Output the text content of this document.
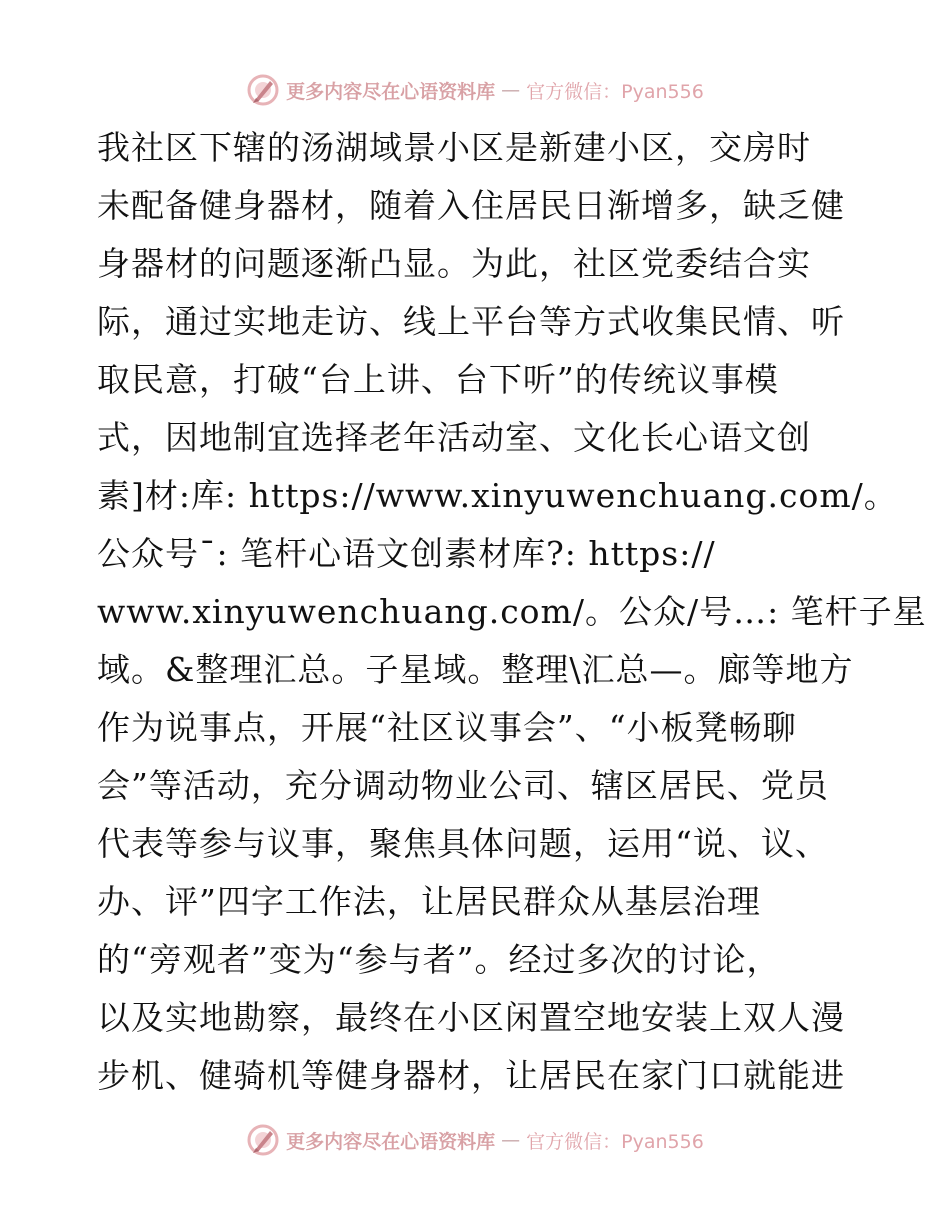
更多内容尽在心语资料库 — 官方微信：Pyan556
我社区下辖的汤湖域景小区是新建小区，交房时
未配备健身器材，随着入住居民日渐增多，缺乏健
身器材的问题逐渐凸显。为此，社区党委结合实
际，通过实地走访、线上平台等方式收集民情、听
取民意，打破“台上讲、台下听”的传统议事模
式，因地制宜选择老年活动室、文化长心语文创
素]材:库: https://www.xinyuwenchuang.com/。
公众号¯: 笔杆心语文创素材库?: https://
www.xinyuwenchuang.com/。公众/号…: 笔杆子星
域。&整理汇总。子星域。整理\汇总—。廊等地方
作为说事点，开展“社区议事会”、“小板凳畅聊
会”等活动，充分调动物业公司、辖区居民、党员
代表等参与议事，聚焦具体问题，运用“说、议、
办、评”四字工作法，让居民群众从基层治理
的“旁观者”变为“参与者”。经过多次的讨论，
以及实地勘察，最终在小区闲置空地安装上双人漫
步机、健骑机等健身器材，让居民在家门口就能进
更多内容尽在心语资料库 — 官方微信：Pyan556
